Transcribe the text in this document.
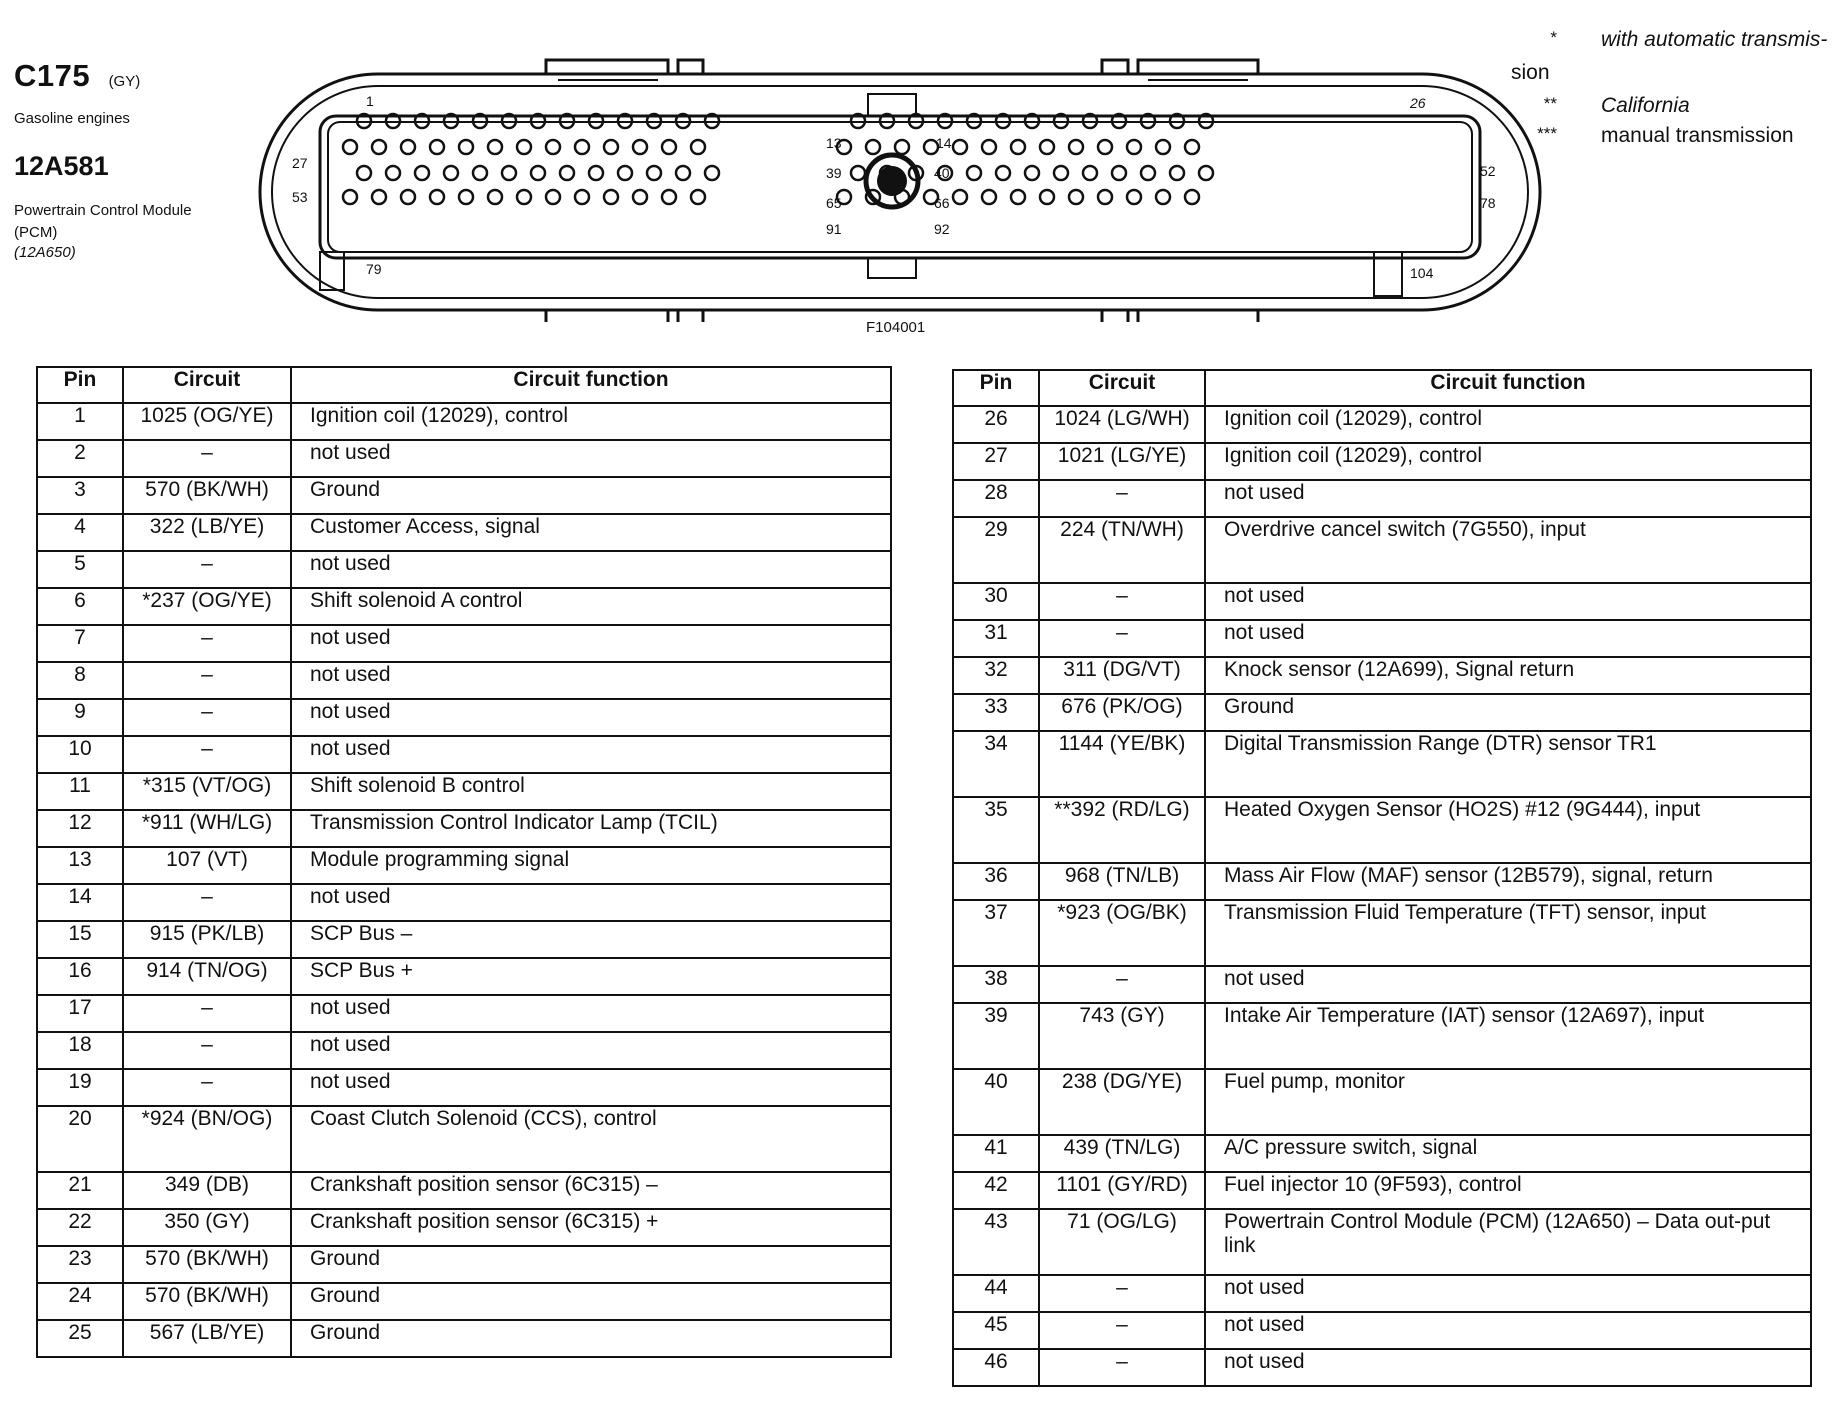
C175 (GY)
Gasoline engines
12A581
Powertrain Control Module (PCM)
(12A650)
* with automatic transmis-
** California
*** manual transmission
sion
1	26
13	14
27
39	40	52
53	65	66	78
91	92
79	104
F104001
Pin	Circuit	Circuit function
1	1025 (OG/YE)	Ignition coil (12029), control
2	–	not used
3	570 (BK/WH)	Ground
4	322 (LB/YE)	Customer Access, signal
5	–	not used
6	*237 (OG/YE)	Shift solenoid A control
7	–	not used
8	–	not used
9	–	not used
10	–	not used
11	*315 (VT/OG)	Shift solenoid B control
12	*911 (WH/LG)	Transmission Control Indicator Lamp (TCIL)
13	107 (VT)	Module programming signal
14	–	not used
15	915 (PK/LB)	SCP Bus –
16	914 (TN/OG)	SCP Bus +
17	–	not used
18	–	not used
19	–	not used
20	*924 (BN/OG)	Coast Clutch Solenoid (CCS), control
21	349 (DB)	Crankshaft position sensor (6C315) –
22	350 (GY)	Crankshaft position sensor (6C315) +
23	570 (BK/WH)	Ground
24	570 (BK/WH)	Ground
25	567 (LB/YE)	Ground
Pin	Circuit	Circuit function
26	1024 (LG/WH)	Ignition coil (12029), control
27	1021 (LG/YE)	Ignition coil (12029), control
28	–	not used
29	224 (TN/WH)	Overdrive cancel switch (7G550), input
30	–	not used
31	–	not used
32	311 (DG/VT)	Knock sensor (12A699), Signal return
33	676 (PK/OG)	Ground
34	1144 (YE/BK)	Digital Transmission Range (DTR) sensor TR1
35	**392 (RD/LG)	Heated Oxygen Sensor (HO2S) #12 (9G444), input
36	968 (TN/LB)	Mass Air Flow (MAF) sensor (12B579), signal, return
37	*923 (OG/BK)	Transmission Fluid Temperature (TFT) sensor, input
38	–	not used
39	743 (GY)	Intake Air Temperature (IAT) sensor (12A697), input
40	238 (DG/YE)	Fuel pump, monitor
41	439 (TN/LG)	A/C pressure switch, signal
42	1101 (GY/RD)	Fuel injector 10 (9F593), control
43	71 (OG/LG)	Powertrain Control Module (PCM) (12A650) – Data out-put link
44	–	not used
45	–	not used
46	–	not used
